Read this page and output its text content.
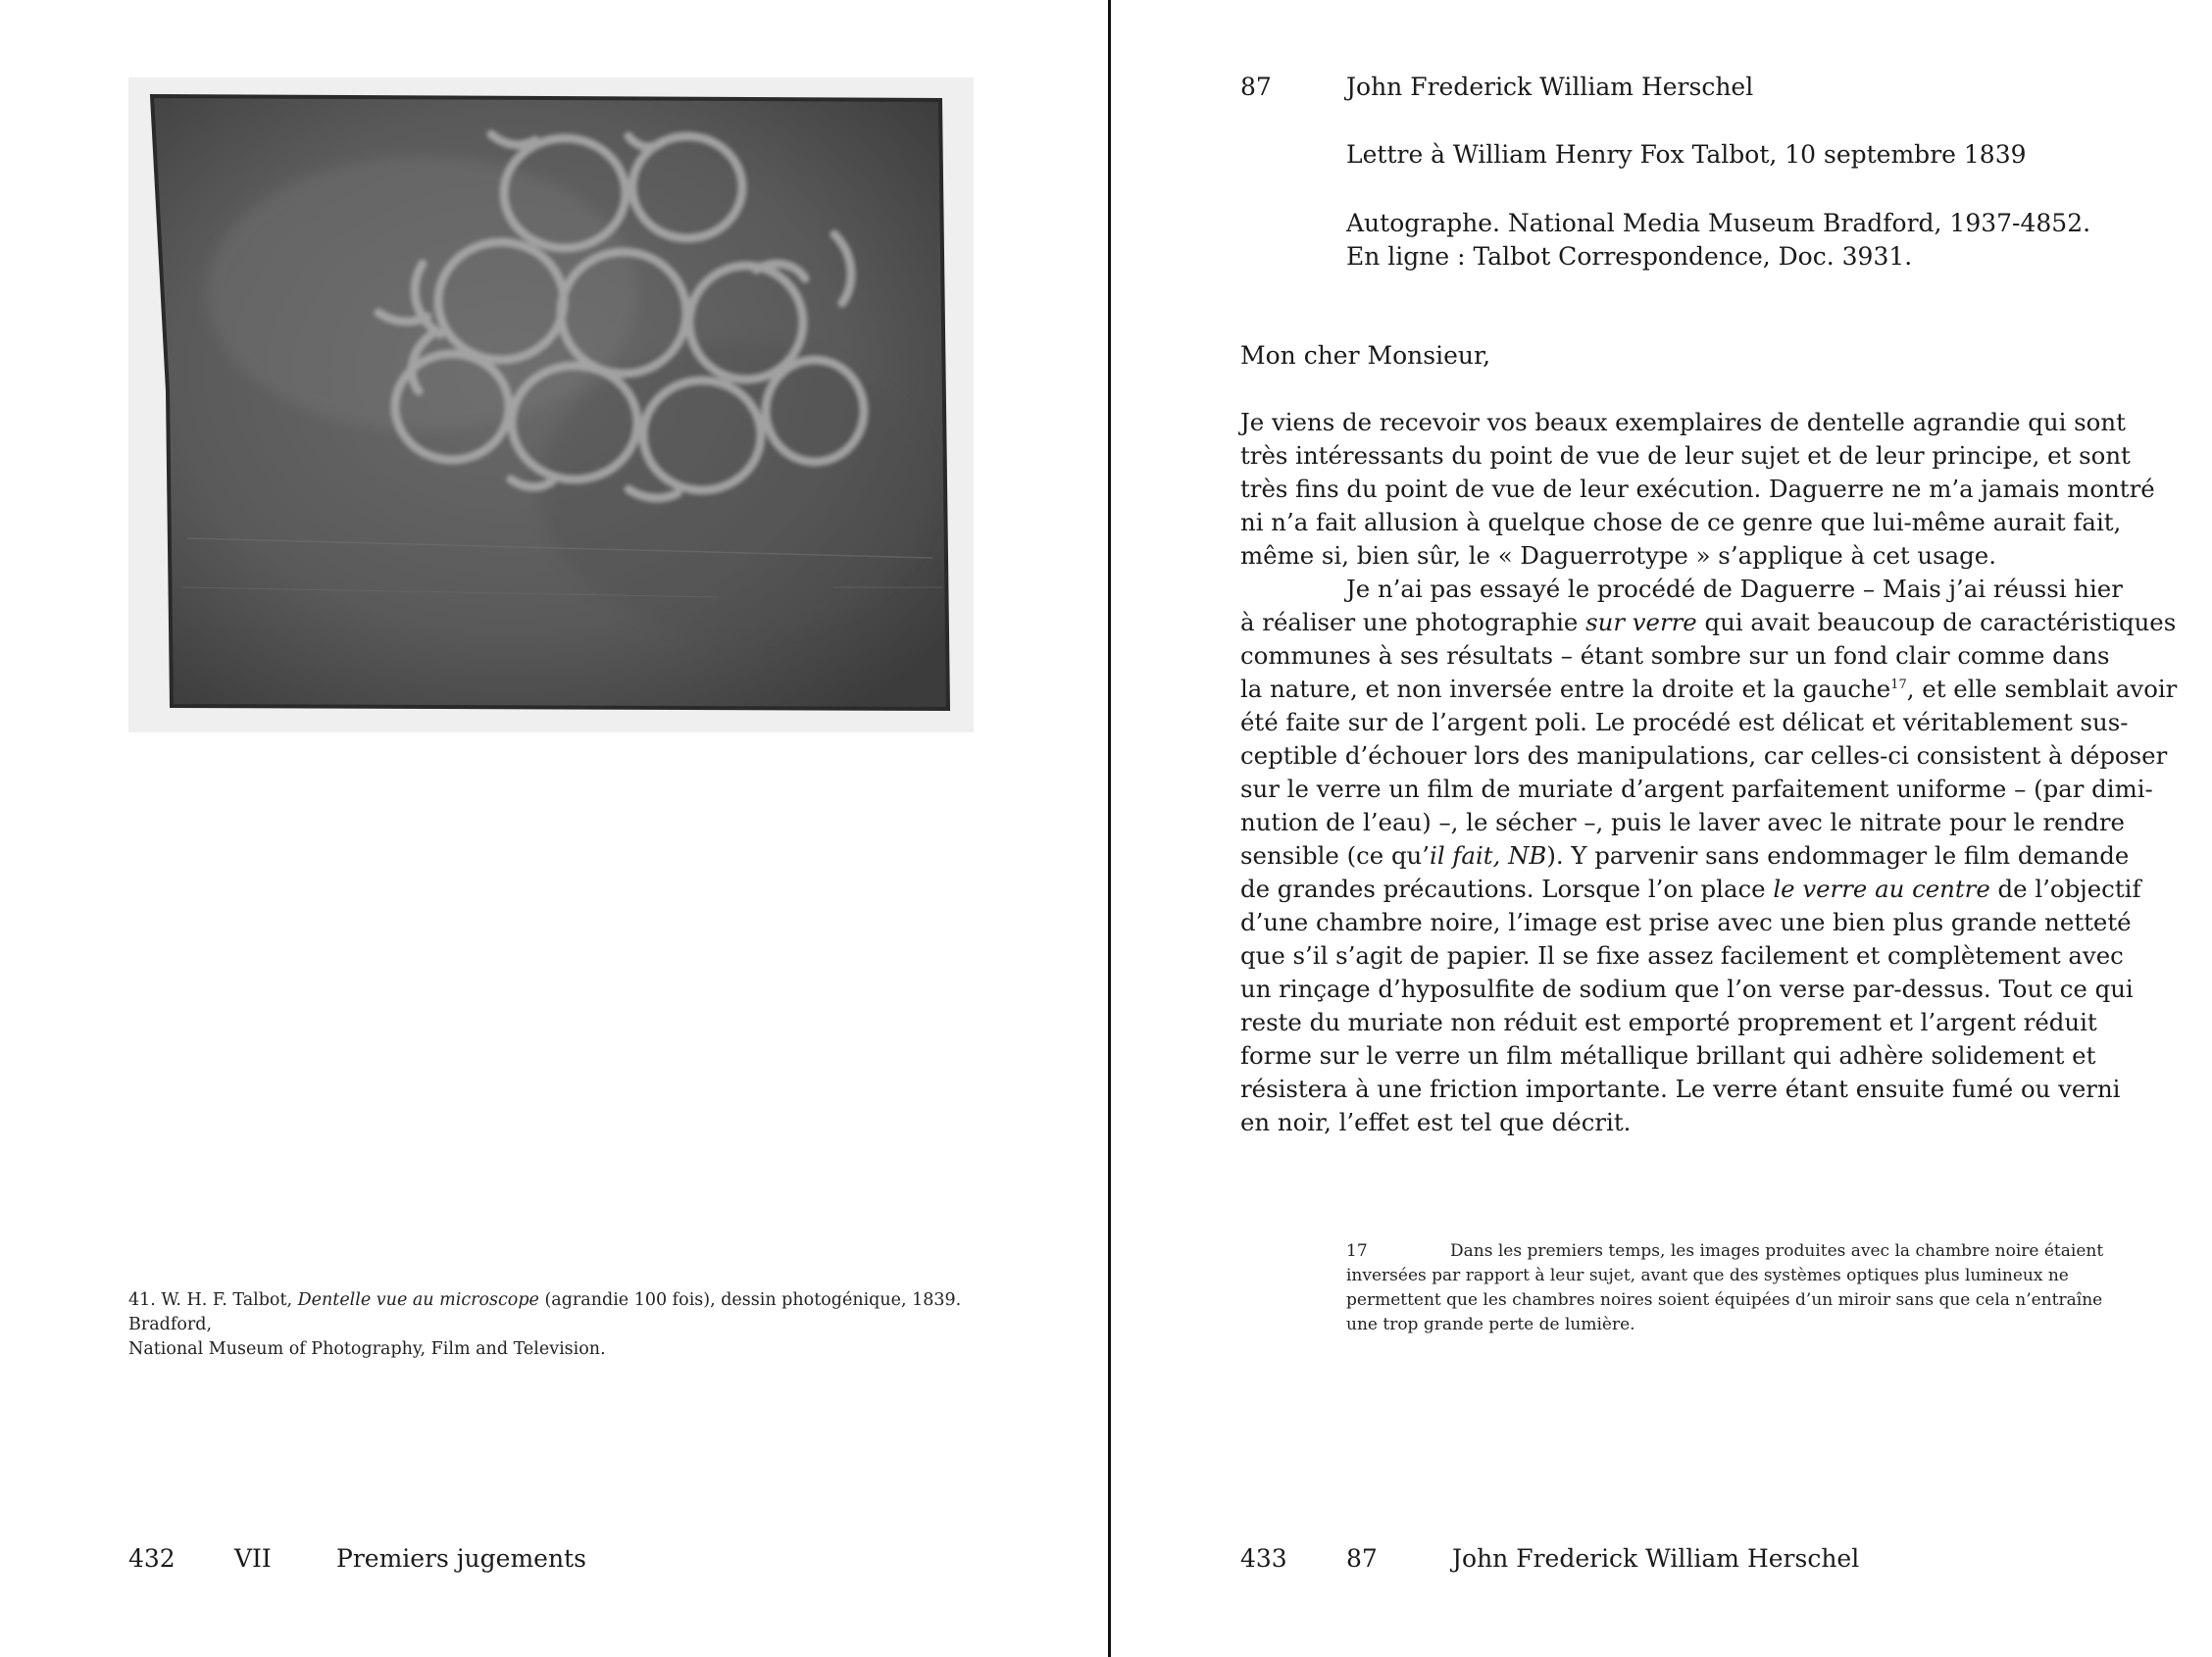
41. W. H. F. Talbot, Dentelle vue au microscope (agrandie 100 fois), dessin photogénique, 1839. Bradford,
National Museum of Photography, Film and Television.
432 VII	Premiers jugements
87	John Frederick William Herschel
Lettre à William Henry Fox Talbot, 10 septembre 1839
Autographe. National Media Museum Bradford, 1937-4852.
En ligne : Talbot Correspondence, Doc. 3931.
Mon cher Monsieur,
Je viens de recevoir vos beaux exemplaires de dentelle agrandie qui sont
très intéressants du point de vue de leur sujet et de leur principe, et sont
très fins du point de vue de leur exécution. Daguerre ne m’a jamais montré
ni n’a fait allusion à quelque chose de ce genre que lui-même aurait fait,
même si, bien sûr, le « Daguerrotype » s’applique à cet usage.
Je n’ai pas essayé le procédé de Daguerre – Mais j’ai réussi hier
à réaliser une photographie sur verre qui avait beaucoup de caractéristiques
communes à ses résultats – étant sombre sur un fond clair comme dans
la nature, et non inversée entre la droite et la gauche$^{17}$, et elle semblait avoir
été faite sur de l’argent poli. Le procédé est délicat et véritablement sus-
ceptible d’échouer lors des manipulations, car celles-ci consistent à déposer
sur le verre un film de muriate d’argent parfaitement uniforme – (par dimi-
nution de l’eau) –, le sécher –, puis le laver avec le nitrate pour le rendre
sensible (ce qu’il fait, NB). Y parvenir sans endommager le film demande
de grandes précautions. Lorsque l’on place le verre au centre de l’objectif
d’une chambre noire, l’image est prise avec une bien plus grande netteté
que s’il s’agit de papier. Il se fixe assez facilement et complètement avec
un rinçage d’hyposulfite de sodium que l’on verse par-dessus. Tout ce qui
reste du muriate non réduit est emporté proprement et l’argent réduit
forme sur le verre un film métallique brillant qui adhère solidement et
résistera à une friction importante. Le verre étant ensuite fumé ou verni
en noir, l’effet est tel que décrit.
17	Dans les premiers temps, les images produites avec la chambre noire étaient
inversées par rapport à leur sujet, avant que des systèmes optiques plus lumineux ne
permettent que les chambres noires soient équipées d’un miroir sans que cela n’entraîne
une trop grande perte de lumière.
433 87	John Frederick William Herschel
